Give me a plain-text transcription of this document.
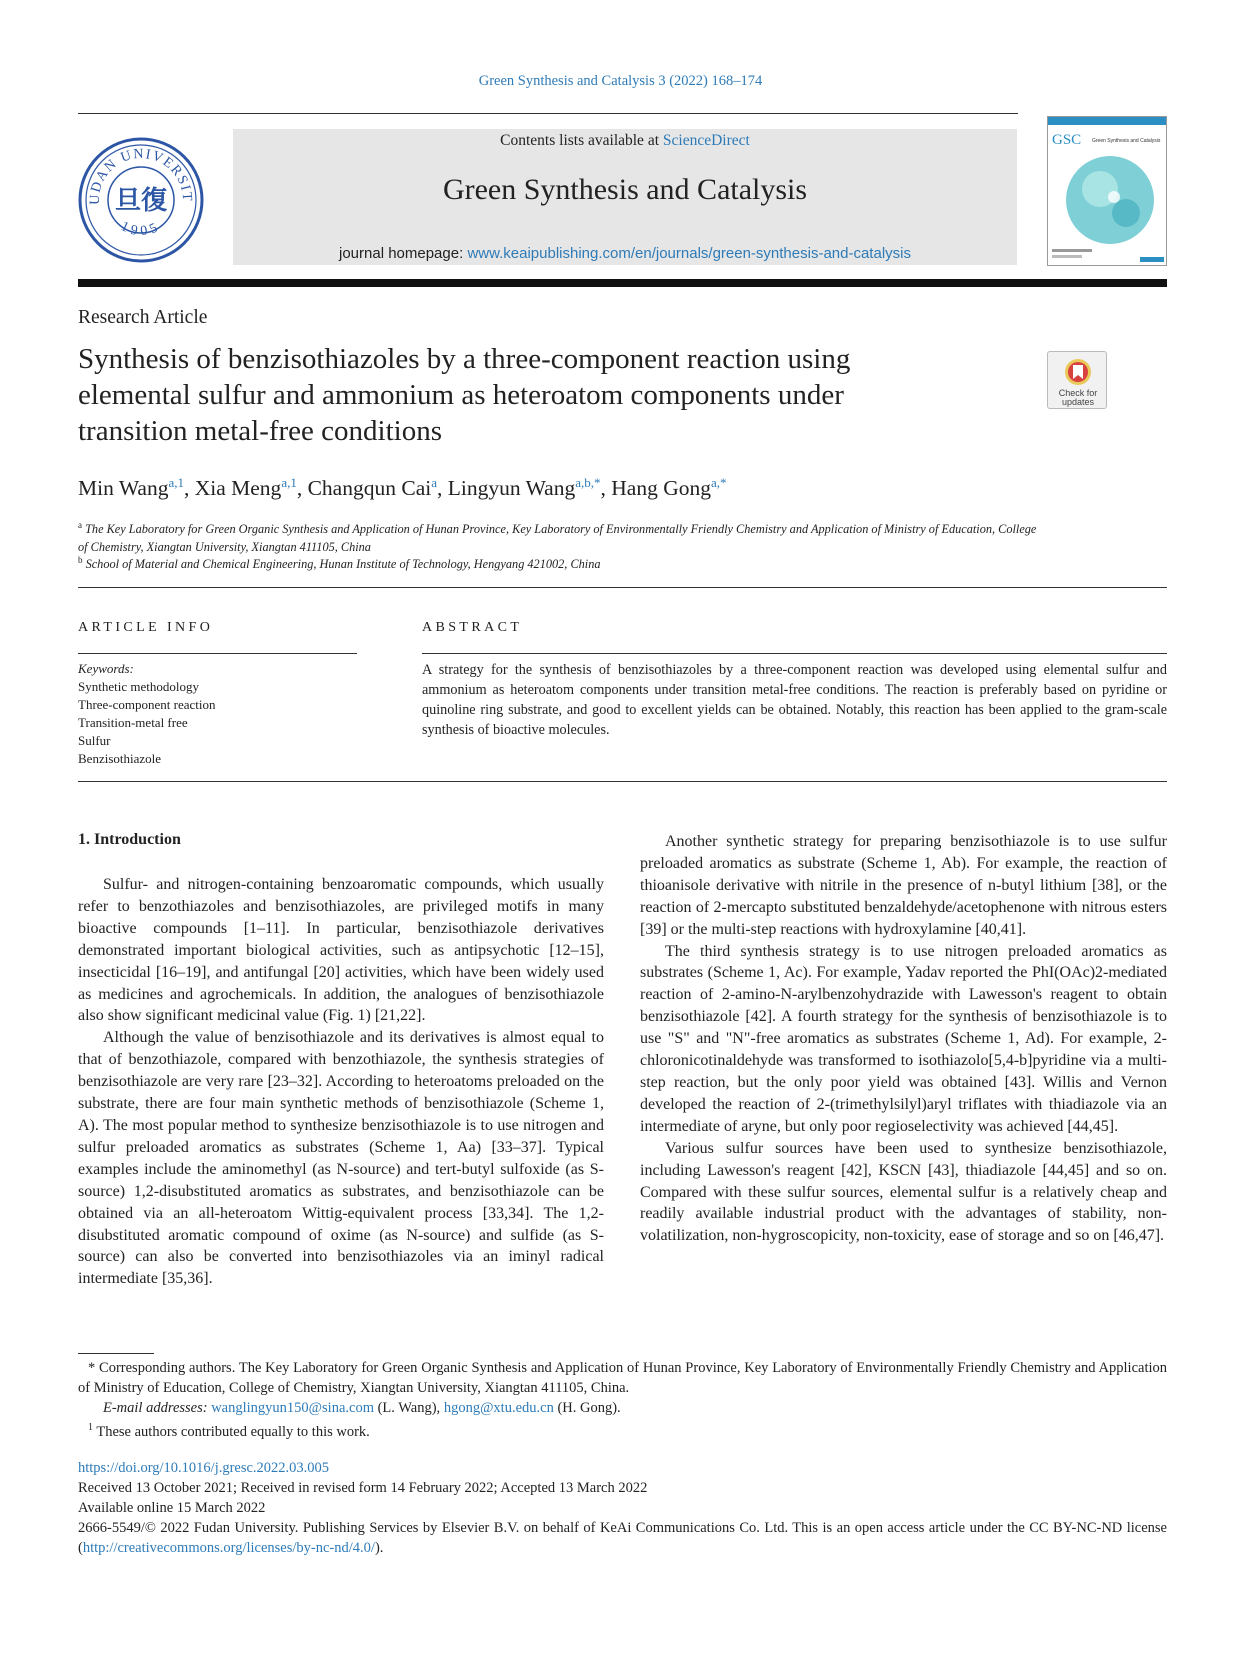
Green Synthesis and Catalysis 3 (2022) 168–174
UDAN UNIVERSIT
1905
旦復
Contents lists available at ScienceDirect
Green Synthesis and Catalysis
journal homepage: www.keaipublishing.com/en/journals/green-synthesis-and-catalysis
GSC Green Synthesis and Catalysis
Research Article
Synthesis of benzisothiazoles by a three-component reaction using elemental sulfur and ammonium as heteroatom components under transition metal-free conditions
Check for
updates
Min Wang$^{a,1}$, Xia Meng$^{a,1}$, Changqun Cai$^a$, Lingyun Wang$^{a,b,*}$, Hang Gong$^{a,*}$
$^a$ The Key Laboratory for Green Organic Synthesis and Application of Hunan Province, Key Laboratory of Environmentally Friendly Chemistry and Application of Ministry of Education, College of Chemistry, Xiangtan University, Xiangtan 411105, China
$^b$ School of Material and Chemical Engineering, Hunan Institute of Technology, Hengyang 421002, China
ARTICLE INFO
Keywords:
Synthetic methodology
Three-component reaction
Transition-metal free
Sulfur
Benzisothiazole
ABSTRACT
A strategy for the synthesis of benzisothiazoles by a three-component reaction was developed using elemental sulfur and ammonium as heteroatom components under transition metal-free conditions. The reaction is preferably based on pyridine or quinoline ring substrate, and good to excellent yields can be obtained. Notably, this reaction has been applied to the gram-scale synthesis of bioactive molecules.
1. Introduction

Sulfur- and nitrogen-containing benzoaromatic compounds, which usually refer to benzothiazoles and benzisothiazoles, are privileged motifs in many bioactive compounds [1–11]. In particular, benzisothiazole derivatives demonstrated important biological activities, such as antipsychotic [12–15], insecticidal [16–19], and antifungal [20] activities, which have been widely used as medicines and agrochemicals. In addition, the analogues of benzisothiazole also show significant medicinal value (Fig. 1) [21,22].

Although the value of benzisothiazole and its derivatives is almost equal to that of benzothiazole, compared with benzothiazole, the synthesis strategies of benzisothiazole are very rare [23–32]. According to heteroatoms preloaded on the substrate, there are four main synthetic methods of benzisothiazole (Scheme 1, A). The most popular method to synthesize benzisothiazole is to use nitrogen and sulfur preloaded aromatics as substrates (Scheme 1, Aa) [33–37]. Typical examples include the aminomethyl (as N-source) and tert-butyl sulfoxide (as S-source) 1,2-disubstituted aromatics as substrates, and benzisothiazole can be obtained via an all-heteroatom Wittig-equivalent process [33,34]. The 1,2-disubstituted aromatic compound of oxime (as N-source) and sulfide (as S-source) can also be converted into benzisothiazoles via an iminyl radical intermediate [35,36].

Another synthetic strategy for preparing benzisothiazole is to use sulfur preloaded aromatics as substrate (Scheme 1, Ab). For example, the reaction of thioanisole derivative with nitrile in the presence of n-butyl lithium [38], or the reaction of 2-mercapto substituted benzaldehyde/acetophenone with nitrous esters [39] or the multi-step reactions with hydroxylamine [40,41].

The third synthesis strategy is to use nitrogen preloaded aromatics as substrates (Scheme 1, Ac). For example, Yadav reported the PhI(OAc)2-mediated reaction of 2-amino-N-arylbenzohydrazide with Lawesson's reagent to obtain benzisothiazole [42]. A fourth strategy for the synthesis of benzisothiazole is to use "S" and "N"-free aromatics as substrates (Scheme 1, Ad). For example, 2-chloronicotinaldehyde was transformed to isothiazolo[5,4-b]pyridine via a multi-step reaction, but the only poor yield was obtained [43]. Willis and Vernon developed the reaction of 2-(trimethylsilyl)aryl triflates with thiadiazole via an intermediate of aryne, but only poor regioselectivity was achieved [44,45].

Various sulfur sources have been used to synthesize benzisothiazole, including Lawesson's reagent [42], KSCN [43], thiadiazole [44,45] and so on. Compared with these sulfur sources, elemental sulfur is a relatively cheap and readily available industrial product with the advantages of stability, non-volatilization, non-hygroscopicity, non-toxicity, ease of storage and so on [46,47].

* Corresponding authors. The Key Laboratory for Green Organic Synthesis and Application of Hunan Province, Key Laboratory of Environmentally Friendly Chemistry and Application of Ministry of Education, College of Chemistry, Xiangtan University, Xiangtan 411105, China.
E-mail addresses: wanglingyun150@sina.com (L. Wang), hgong@xtu.edu.cn (H. Gong).
$^1$ These authors contributed equally to this work.
https://doi.org/10.1016/j.gresc.2022.03.005
Received 13 October 2021; Received in revised form 14 February 2022; Accepted 13 March 2022
Available online 15 March 2022
2666-5549/© 2022 Fudan University. Publishing Services by Elsevier B.V. on behalf of KeAi Communications Co. Ltd. This is an open access article under the CC BY-NC-ND license (http://creativecommons.org/licenses/by-nc-nd/4.0/).
